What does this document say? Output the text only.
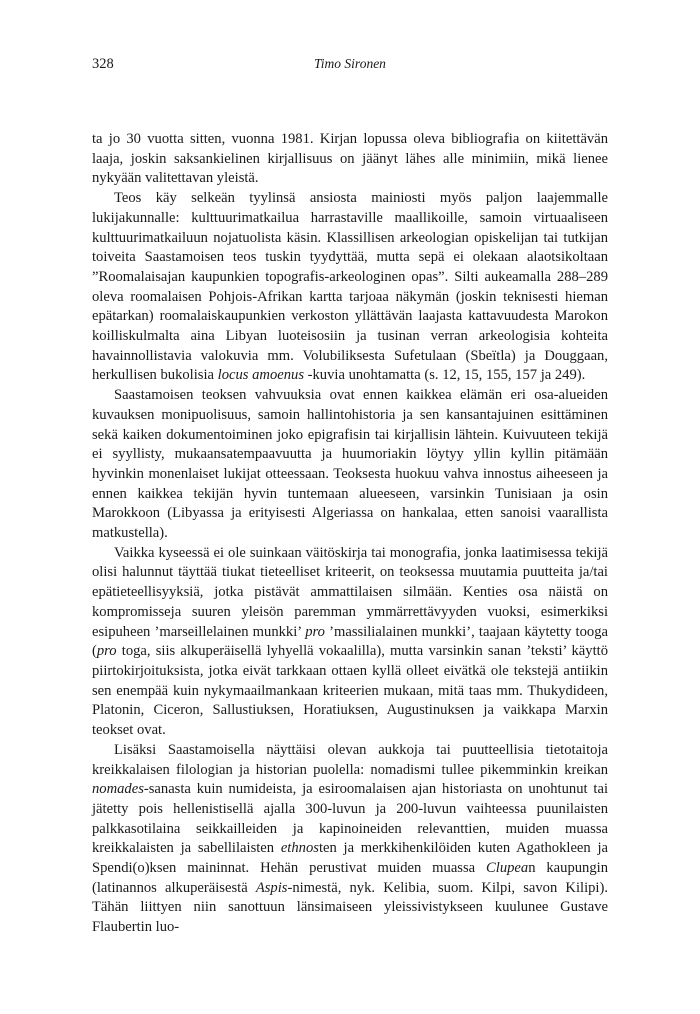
328	Timo Sironen

ta jo 30 vuotta sitten, vuonna 1981. Kirjan lopussa oleva bibliografia on kiitettävän laaja, joskin saksankielinen kirjallisuus on jäänyt lähes alle minimiin, mikä lienee nykyään valitettavan yleistä.

Teos käy selkeän tyylinsä ansiosta mainiosti myös paljon laajemmalle lukijakunnalle: kulttuurimatkailua harrastaville maallikoille, samoin virtuaaliseen kulttuurimatkailuun nojatuolista käsin. Klassillisen arkeologian opiskelijan tai tutkijan toiveita Saastamoisen teos tuskin tyydyttää, mutta sepä ei olekaan alaotsikoltaan ”Roomalaisajan kaupunkien topografis-arkeologinen opas”. Silti aukeamalla 288–289 oleva roomalaisen Pohjois-Afrikan kartta tarjoaa näkymän (joskin teknisesti hieman epätarkan) roomalaiskaupunkien verkoston yllättävän laajasta kattavuudesta Marokon koilliskulmalta aina Libyan luoteisosiin ja tusinan verran arkeologisia kohteita havainnollistavia valokuvia mm. Volubiliksesta Sufetulaan (Sbeïtla) ja Douggaan, herkullisen bukolisia locus amoenus -kuvia unohtamatta (s. 12, 15, 155, 157 ja 249).

Saastamoisen teoksen vahvuuksia ovat ennen kaikkea elämän eri osa-alueiden kuvauksen monipuolisuus, samoin hallintohistoria ja sen kansantajuinen esittäminen sekä kaiken dokumentoiminen joko epigrafisin tai kirjallisin lähtein. Kuivuuteen tekijä ei syyllisty, mukaansatempaavuutta ja huumoriakin löytyy yllin kyllin pitämään hyvinkin monenlaiset lukijat otteessaan. Teoksesta huokuu vahva innostus aiheeseen ja ennen kaikkea tekijän hyvin tuntemaan alueeseen, varsinkin Tunisiaan ja osin Marokkoon (Libyassa ja erityisesti Algeriassa on hankalaa, etten sanoisi vaarallista matkustella).

Vaikka kyseessä ei ole suinkaan väitöskirja tai monografia, jonka laatimisessa tekijä olisi halunnut täyttää tiukat tieteelliset kriteerit, on teoksessa muutamia puutteita ja/tai epätieteellisyyksiä, jotka pistävät ammattilaisen silmään. Kenties osa näistä on kompromisseja suuren yleisön paremman ymmärrettävyyden vuoksi, esimerkiksi esipuheen ’marseillelainen munkki’ pro ’massilialainen munkki’, taajaan käytetty tooga (pro toga, siis alkuperäisellä lyhyellä vokaalilla), mutta varsinkin sanan ’teksti’ käyttö piirtokirjoituksista, jotka eivät tarkkaan ottaen kyllä olleet eivätkä ole tekstejä antiikin sen enempää kuin nykymaailmankaan kriteerien mukaan, mitä taas mm. Thukydideen, Platonin, Ciceron, Sallustiuksen, Horatiuksen, Augustinuksen ja vaikkapa Marxin teokset ovat.

Lisäksi Saastamoisella näyttäisi olevan aukkoja tai puutteellisia tietotaitoja kreikkalaisen filologian ja historian puolella: nomadismi tullee pikemminkin kreikan nomades-sanasta kuin numideista, ja esiroomalaisen ajan historiasta on unohtunut tai jätetty pois hellenistisellä ajalla 300-luvun ja 200-luvun vaihteessa puunilaisten palkkasotilaina seikkailleiden ja kapinoineiden relevanttien, muiden muassa kreikkalaisten ja sabellilaisten ethnosten ja merkkihenkilöiden kuten Agathokleen ja Spendi(o)ksen maininnat. Hehän perustivat muiden muassa Clupean kaupungin (latinannos alkuperäisestä Aspis-nimestä, nyk. Kelibia, suom. Kilpi, savon Kilipi). Tähän liittyen niin sanottuun länsimaiseen yleissivistykseen kuulunee Gustave Flaubertin luo-
